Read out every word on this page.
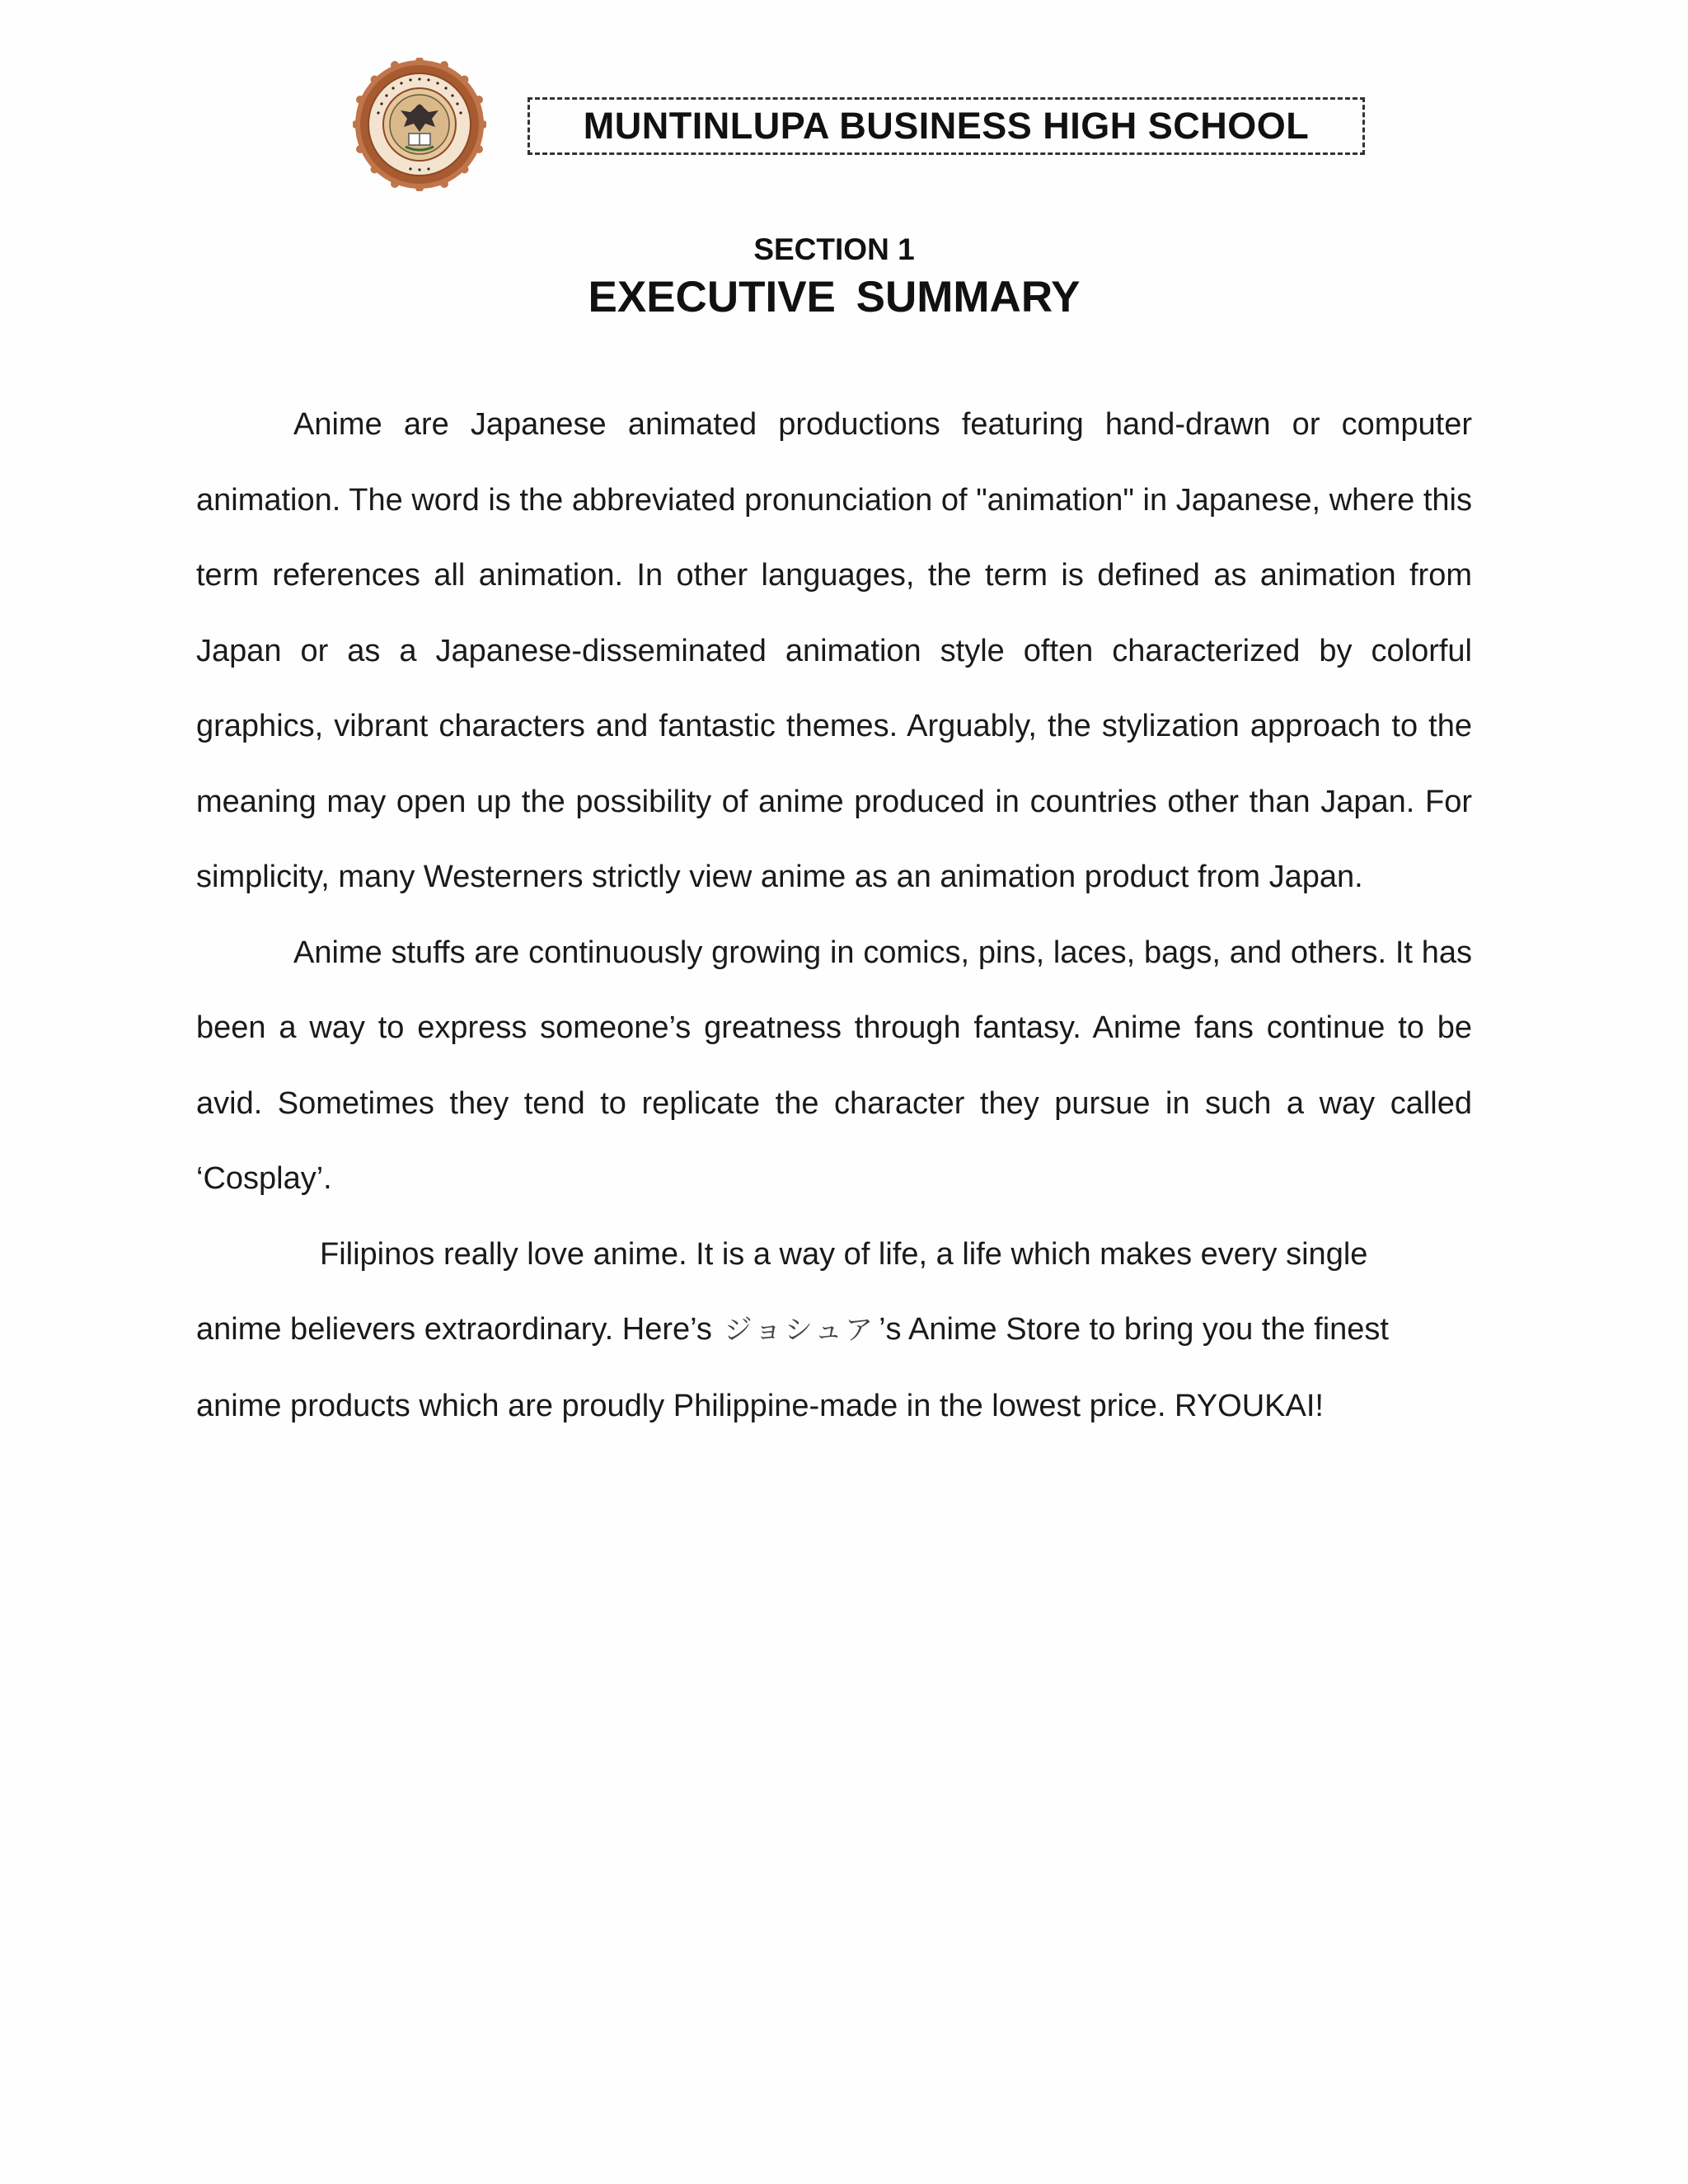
MUNTINLUPA BUSINESS HIGH SCHOOL
SECTION 1
EXECUTIVE SUMMARY

Anime are Japanese animated productions featuring hand-drawn or computer animation. The word is the abbreviated pronunciation of "animation" in Japanese, where this term references all animation. In other languages, the term is defined as animation from Japan or as a Japanese-disseminated animation style often characterized by colorful graphics, vibrant characters and fantastic themes. Arguably, the stylization approach to the meaning may open up the possibility of anime produced in countries other than Japan. For simplicity, many Westerners strictly view anime as an animation product from Japan.

Anime stuffs are continuously growing in comics, pins, laces, bags, and others. It has been a way to express someone’s greatness through fantasy. Anime fans continue to be avid. Sometimes they tend to replicate the character they pursue in such a way called ‘Cosplay’.

Filipinos really love anime. It is a way of life, a life which makes every single anime believers extraordinary. Here’s ジョシュア ’s Anime Store to bring you the finest anime products which are proudly Philippine-made in the lowest price. RYOUKAI!
